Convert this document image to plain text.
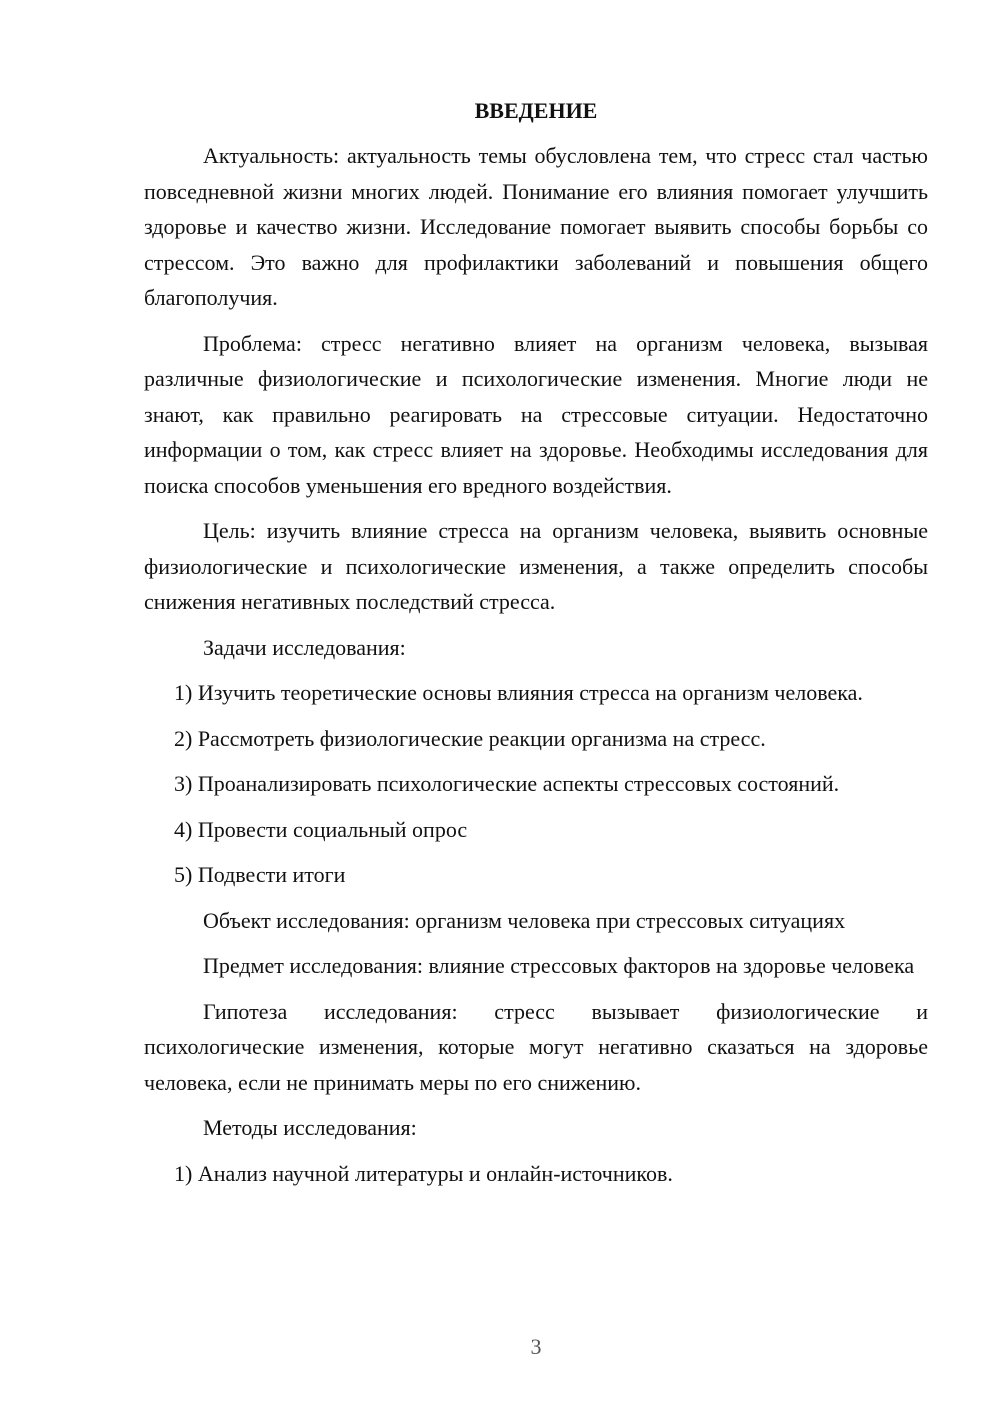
ВВЕДЕНИЕ

Актуальность: актуальность темы обусловлена тем, что стресс стал частью повседневной жизни многих людей. Понимание его влияния помогает улучшить здоровье и качество жизни. Исследование помогает выявить способы борьбы со стрессом. Это важно для профилактики заболеваний и повышения общего благополучия.

Проблема: стресс негативно влияет на организм человека, вызывая различные физиологические и психологические изменения. Многие люди не знают, как правильно реагировать на стрессовые ситуации. Недостаточно информации о том, как стресс влияет на здоровье. Необходимы исследования для поиска способов уменьшения его вредного воздействия.

Цель: изучить влияние стресса на организм человека, выявить основные физиологические и психологические изменения, а также определить способы снижения негативных последствий стресса.

Задачи исследования:

1) Изучить теоретические основы влияния стресса на организм человека.

2) Рассмотреть физиологические реакции организма на стресс.

3) Проанализировать психологические аспекты стрессовых состояний.

4) Провести социальный опрос

5) Подвести итоги

Объект исследования: организм человека при стрессовых ситуациях

Предмет исследования: влияние стрессовых факторов на здоровье человека

Гипотеза исследования: стресс вызывает физиологические и психологические изменения, которые могут негативно сказаться на здоровье человека, если не принимать меры по его снижению.

Методы исследования:

1) Анализ научной литературы и онлайн-источников.

3
